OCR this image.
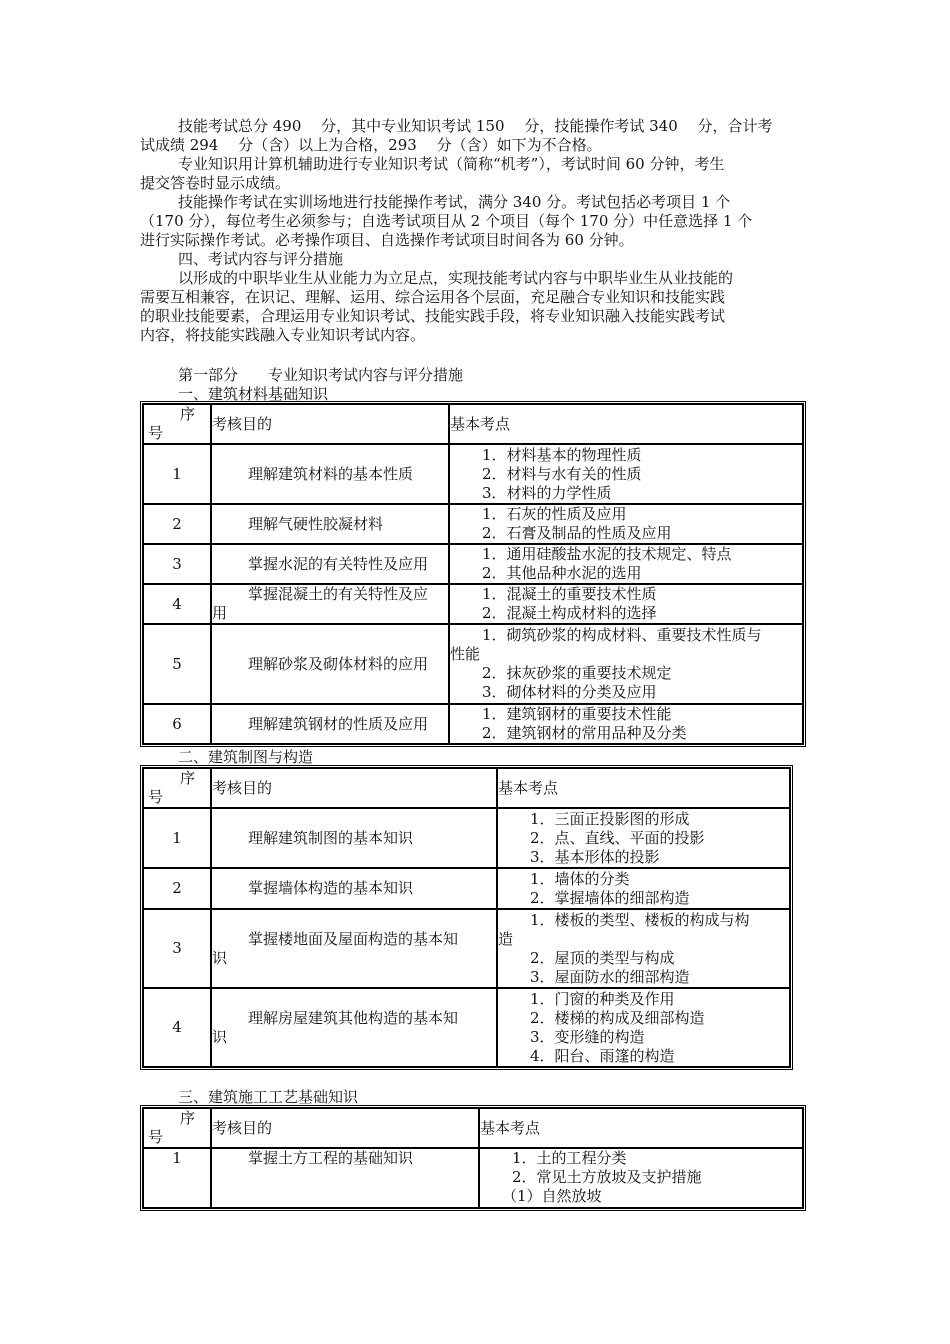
技能考试总分 490　 分，其中专业知识考试 150　 分，技能操作考试 340　 分，合计考
试成绩 294　 分（含）以上为合格，293　 分（含）如下为不合格。
专业知识用计算机辅助进行专业知识考试（简称“机考”），考试时间 60 分钟，考生
提交答卷时显示成绩。
技能操作考试在实训场地进行技能操作考试，满分 340 分。考试包括必考项目 1 个
（170 分），每位考生必须参与；自选考试项目从 2 个项目（每个 170 分）中任意选择 1 个
进行实际操作考试。必考操作项目、自选操作考试项目时间各为 60 分钟。
四、考试内容与评分措施
以形成的中职毕业生从业能力为立足点，实现技能考试内容与中职毕业生从业技能的
需要互相兼容，在识记、理解、运用、综合运用各个层面，充足融合专业知识和技能实践
的职业技能要素，合理运用专业知识考试、技能实践手段，将专业知识融入技能实践考试
内容，将技能实践融入专业知识考试内容。
第一部分　　专业知识考试内容与评分措施
一、建筑材料基础知识
序
号	考核目的	基本考点

1	理解建筑材料的基本性质	1．材料基本的物理性质
2．材料与水有关的性质
3．材料的力学性质

2	理解气硬性胶凝材料	1．石灰的性质及应用
2．石膏及制品的性质及应用

3	掌握水泥的有关特性及应用	1．通用硅酸盐水泥的技术规定、特点
2．其他品种水泥的选用

4	掌握混凝土的有关特性及应
用	1．混凝土的重要技术性质
2．混凝土构成材料的选择

5	理解砂浆及砌体材料的应用	1．砌筑砂浆的构成材料、重要技术性质与
性能
2．抹灰砂浆的重要技术规定
3．砌体材料的分类及应用

6	理解建筑钢材的性质及应用	1．建筑钢材的重要技术性能
2．建筑钢材的常用品种及分类
二、建筑制图与构造
序
号	考核目的	基本考点

1	理解建筑制图的基本知识	1．三面正投影图的形成
2．点、直线、平面的投影
3．基本形体的投影

2	掌握墙体构造的基本知识	1．墙体的分类
2．掌握墙体的细部构造

3	掌握楼地面及屋面构造的基本知
识	1．楼板的类型、楼板的构成与构
造
2．屋顶的类型与构成
3．屋面防水的细部构造

4	理解房屋建筑其他构造的基本知
识	1．门窗的种类及作用
2．楼梯的构成及细部构造
3．变形缝的构造
4．阳台、雨篷的构造
三、建筑施工工艺基础知识
序
号	考核目的	基本考点

1	掌握土方工程的基础知识	1．土的工程分类
2．常见土方放坡及支护措施
（1）自然放坡
